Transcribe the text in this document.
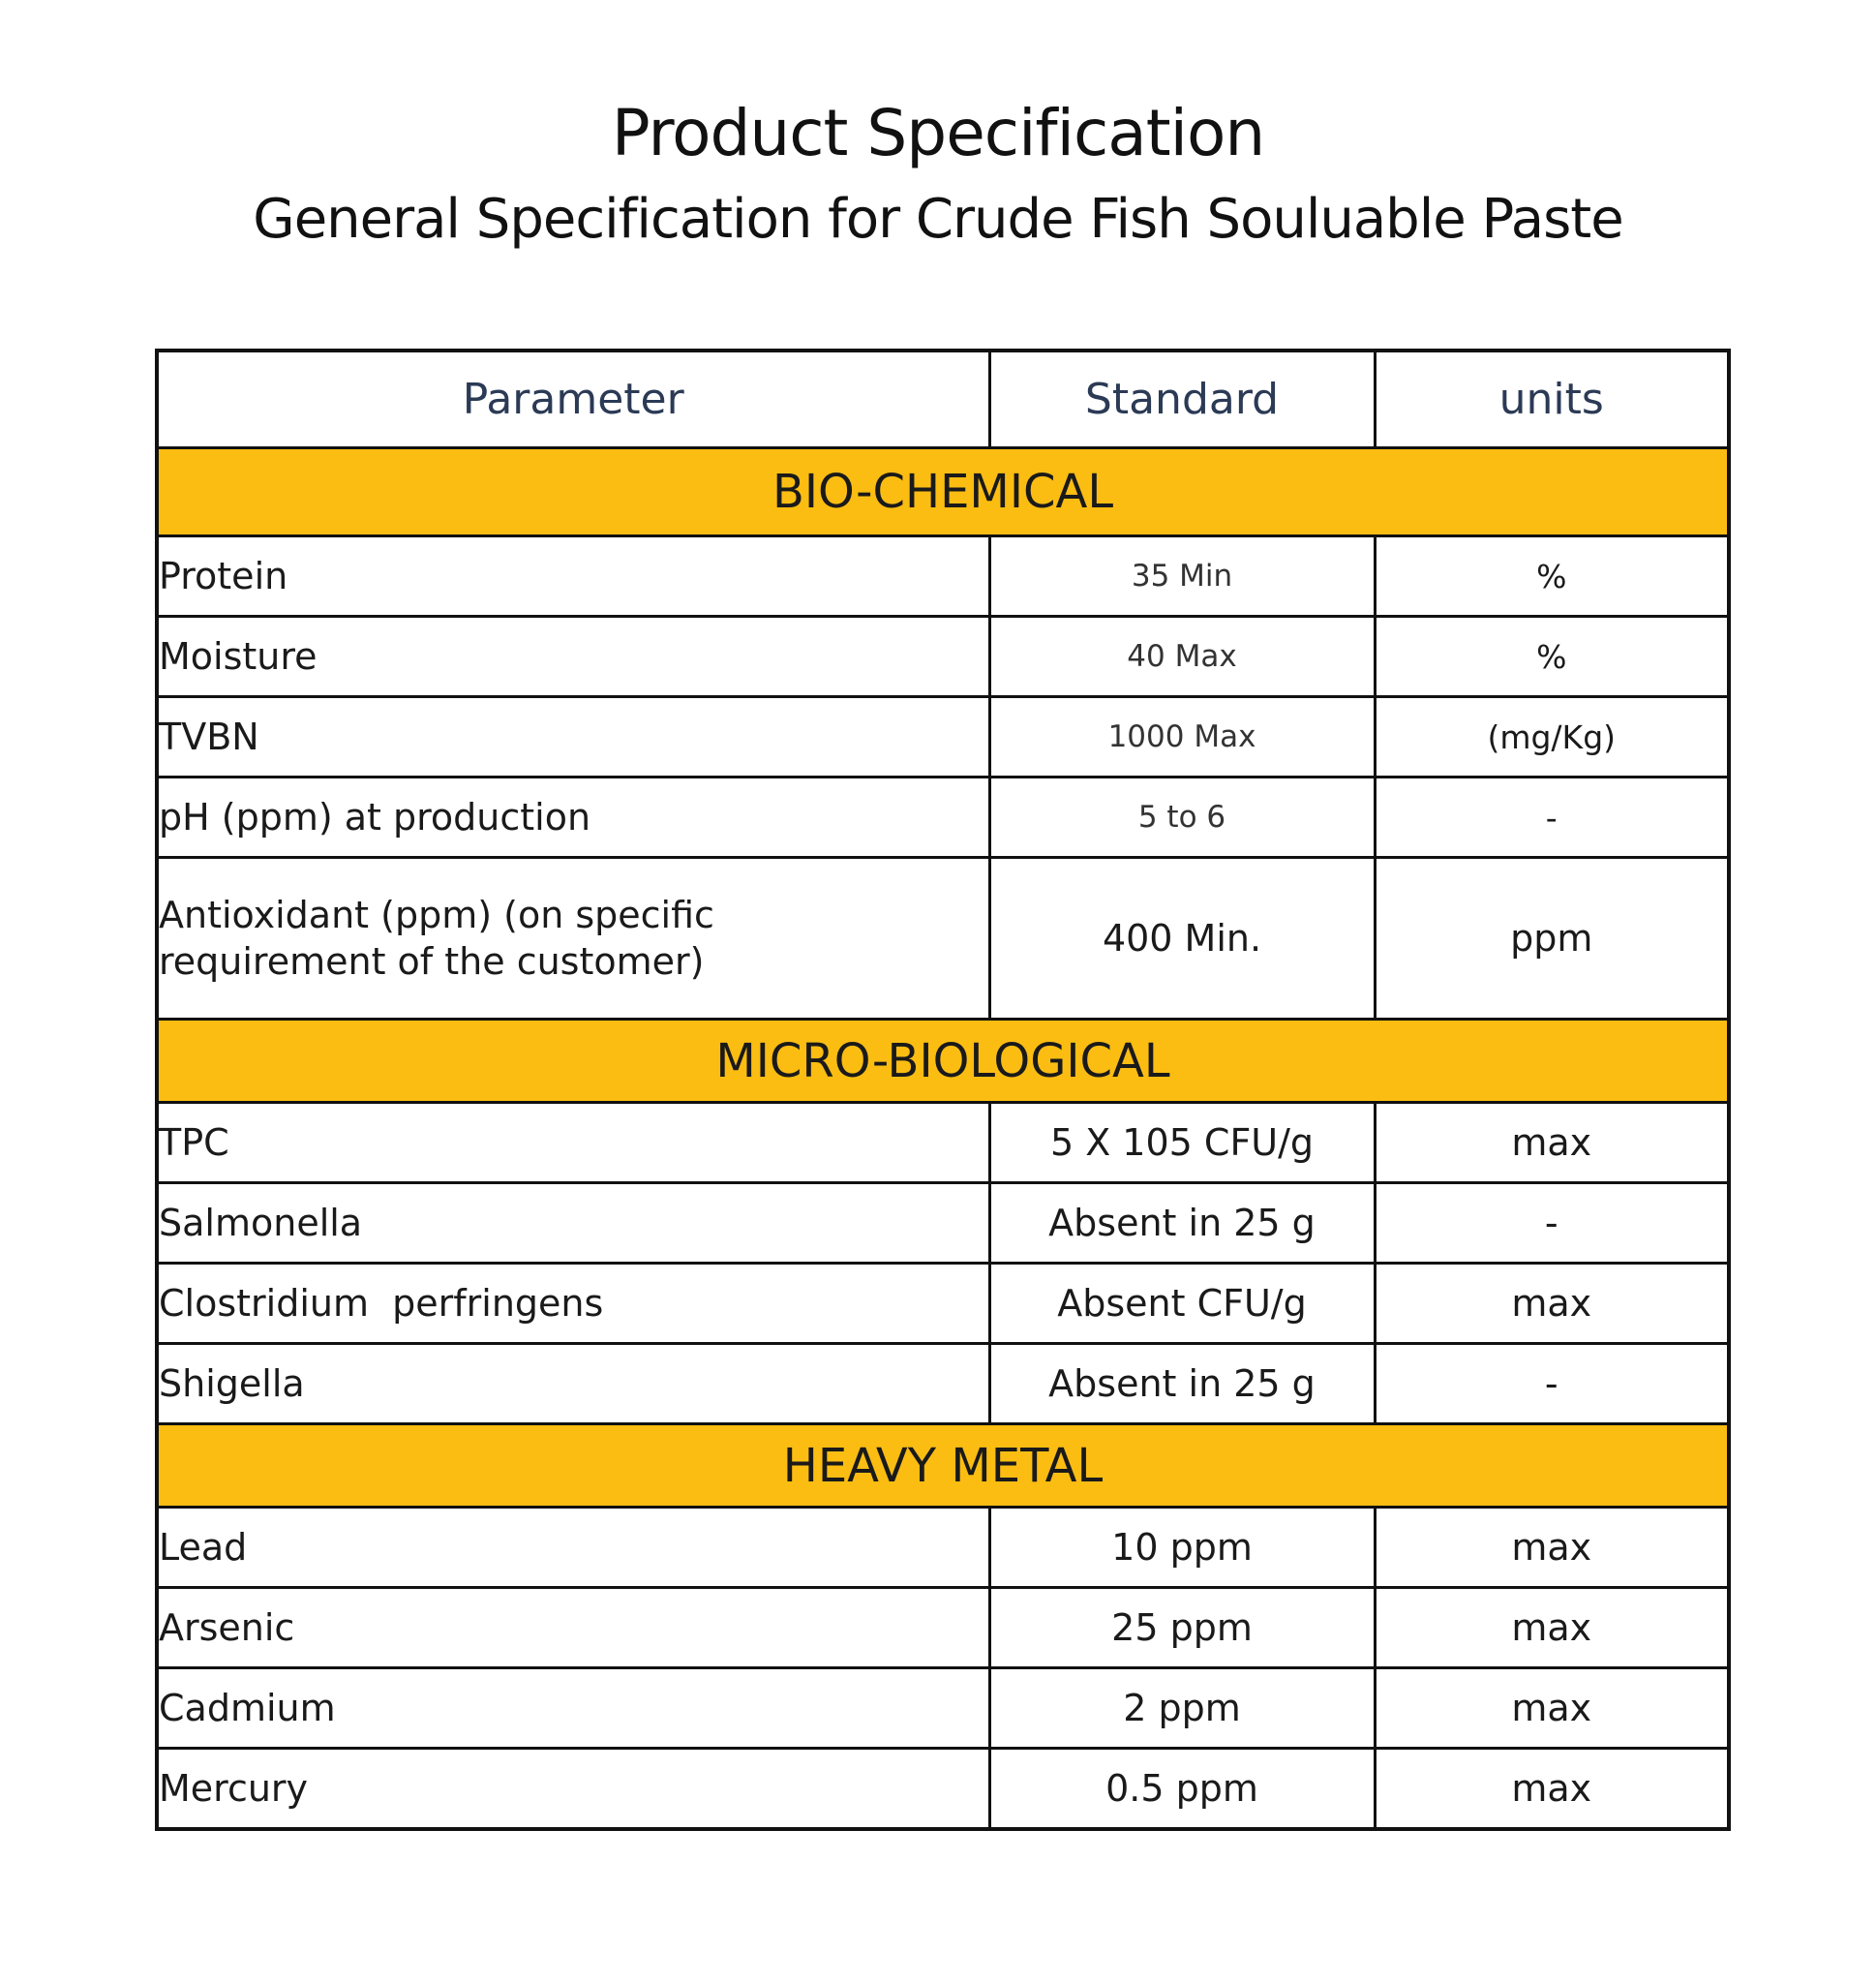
Product Specification
General Specification for Crude Fish Souluable Paste
Parameter	Standard	units
BIO-CHEMICAL		
Protein	35 Min	%
Moisture	40 Max	%
TVBN	1000 Max	(mg/Kg)
pH (ppm) at production	5 to 6	-

Antioxidant (ppm) (on specific
requirement of the customer)	400 Min.	ppm
MICRO-BIOLOGICAL		
TPC	5 X 105 CFU/g	max
Salmonella	Absent in 25 g	-
Clostridium  perfringens	Absent CFU/g	max
Shigella	Absent in 25 g	-
HEAVY METAL		
Lead	10 ppm	max
Arsenic	25 ppm	max
Cadmium	2 ppm	max
Mercury	0.5 ppm	max
